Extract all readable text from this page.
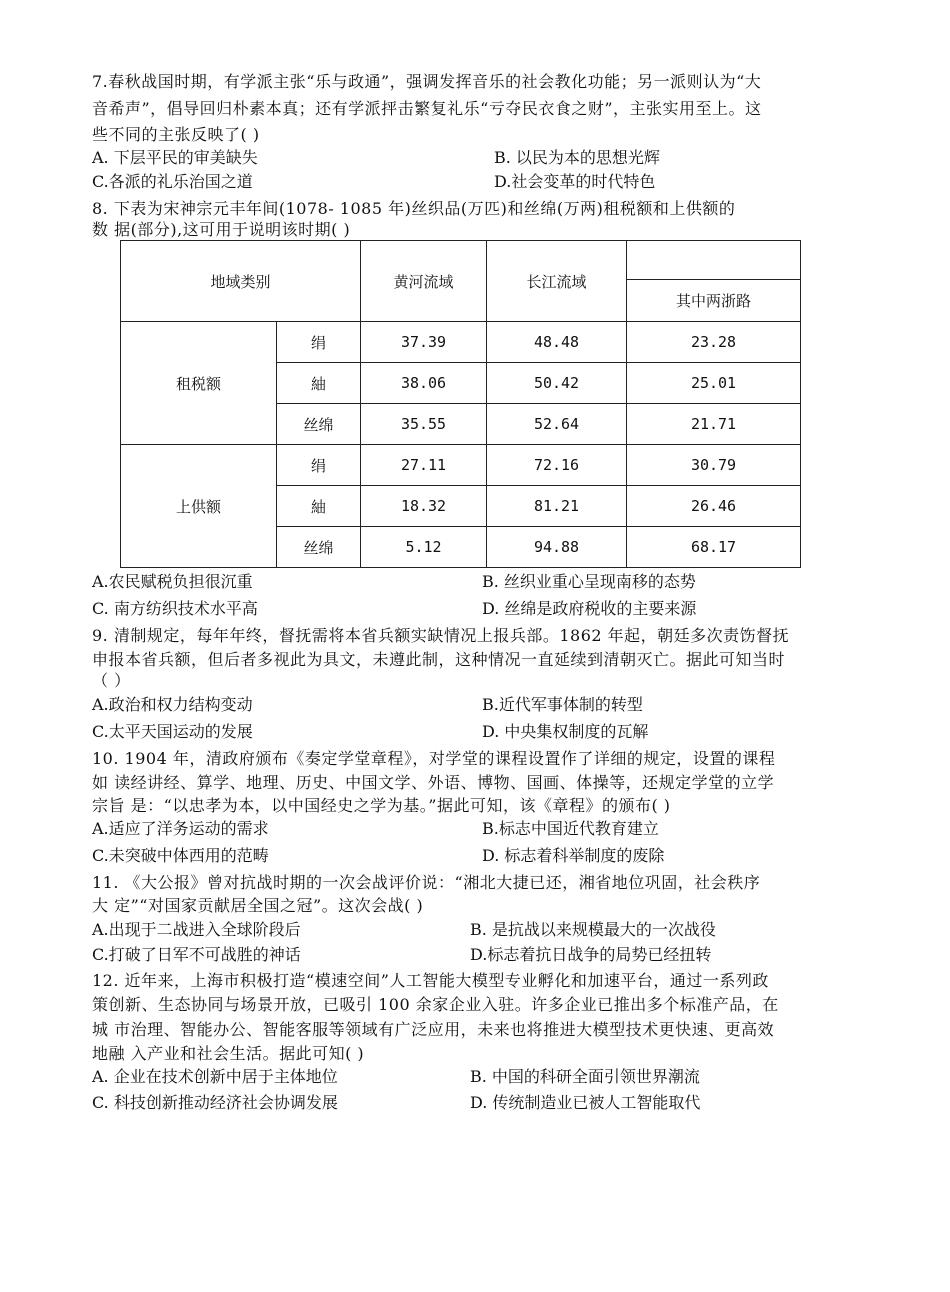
7.春秋战国时期，有学派主张“乐与政通”，强调发挥音乐的社会教化功能；另一派则认为“大
音希声”，倡导回归朴素本真；还有学派抨击繁复礼乐“亏夺民衣食之财”，主张实用至上。这
些不同的主张反映了( )
A. 下层平民的审美缺失	B. 以民为本的思想光辉
C.各派的礼乐治国之道	D.社会变革的时代特色
8. 下表为宋神宗元丰年间(1078- 1085 年)丝织品(万匹)和丝绵(万两)租税额和上供额的
数 据(部分),这可用于说明该时期( )
地域类别		黄河流域	长江流域	
				其中两浙路
租税额	绢	37.39	48.48	23.28
	紬	38.06	50.42	25.01
	丝绵	35.55	52.64	21.71
上供额	绢	27.11	72.16	30.79
	紬	18.32	81.21	26.46
	丝绵	5.12	94.88	68.17
A.农民赋税负担很沉重	B. 丝织业重心呈现南移的态势
C. 南方纺织技术水平高	D. 丝绵是政府税收的主要来源
9. 清制规定，每年年终，督抚需将本省兵额实缺情况上报兵部。1862 年起，朝廷多次责饬督抚
申报本省兵额，但后者多视此为具文，未遵此制，这种情况一直延续到清朝灭亡。据此可知当时
（ ）
A.政治和权力结构变动	B.近代军事体制的转型
C.太平天国运动的发展	D. 中央集权制度的瓦解
10. 1904 年，清政府颁布《奏定学堂章程》，对学堂的课程设置作了详细的规定，设置的课程
如 读经讲经、算学、地理、历史、中国文学、外语、博物、国画、体操等，还规定学堂的立学
宗旨 是：“以忠孝为本，以中国经史之学为基。”据此可知，该《章程》的颁布( )
A.适应了洋务运动的需求	B.标志中国近代教育建立
C.未突破中体西用的范畴	D. 标志着科举制度的废除
11. 《大公报》曾对抗战时期的一次会战评价说：“湘北大捷已还，湘省地位巩固，社会秩序
大 定”“对国家贡献居全国之冠”。这次会战( )
A.出现于二战进入全球阶段后	B. 是抗战以来规模最大的一次战役
C.打破了日军不可战胜的神话	D.标志着抗日战争的局势已经扭转
12. 近年来，上海市积极打造“模速空间”人工智能大模型专业孵化和加速平台，通过一系列政
策创新、生态协同与场景开放，已吸引 100 余家企业入驻。许多企业已推出多个标准产品，在
城 市治理、智能办公、智能客服等领域有广泛应用，未来也将推进大模型技术更快速、更高效
地融 入产业和社会生活。据此可知( )
A. 企业在技术创新中居于主体地位	B. 中国的科研全面引领世界潮流
C. 科技创新推动经济社会协调发展	D. 传统制造业已被人工智能取代
